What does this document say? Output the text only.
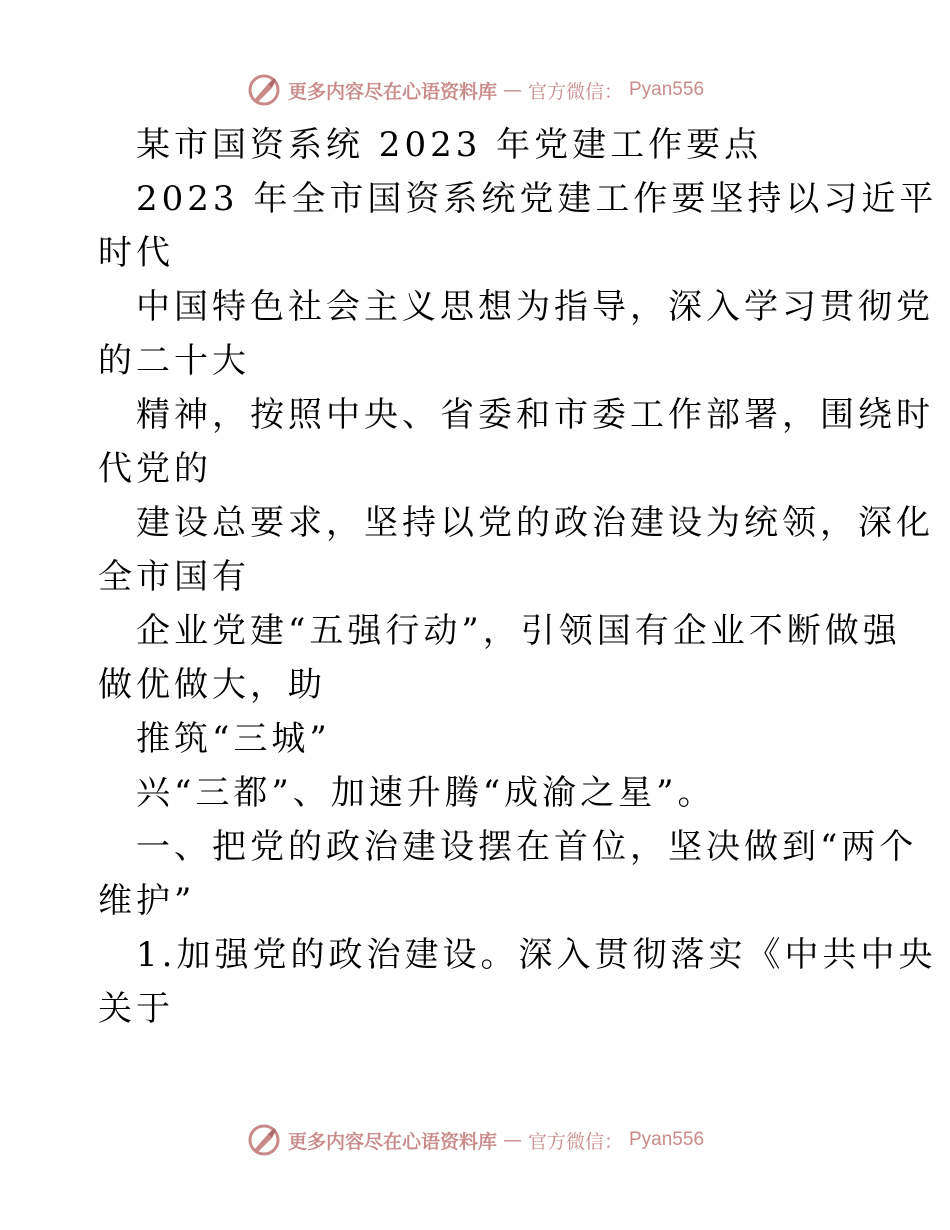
更多内容尽在心语资料库 — 官方微信： Pyan556
某市国资系统 2023 年党建工作要点
2023 年全市国资系统党建工作要坚持以习近平
时代
中国特色社会主义思想为指导，深入学习贯彻党
的二十大
精神，按照中央、省委和市委工作部署，围绕时
代党的
建设总要求，坚持以党的政治建设为统领，深化
全市国有
企业党建“五强行动”，引领国有企业不断做强
做优做大，助
推筑“三城”
兴“三都”、加速升腾“成渝之星”。
一、把党的政治建设摆在首位，坚决做到“两个
维护”
1.加强党的政治建设。深入贯彻落实《中共中央
关于
更多内容尽在心语资料库 — 官方微信： Pyan556
